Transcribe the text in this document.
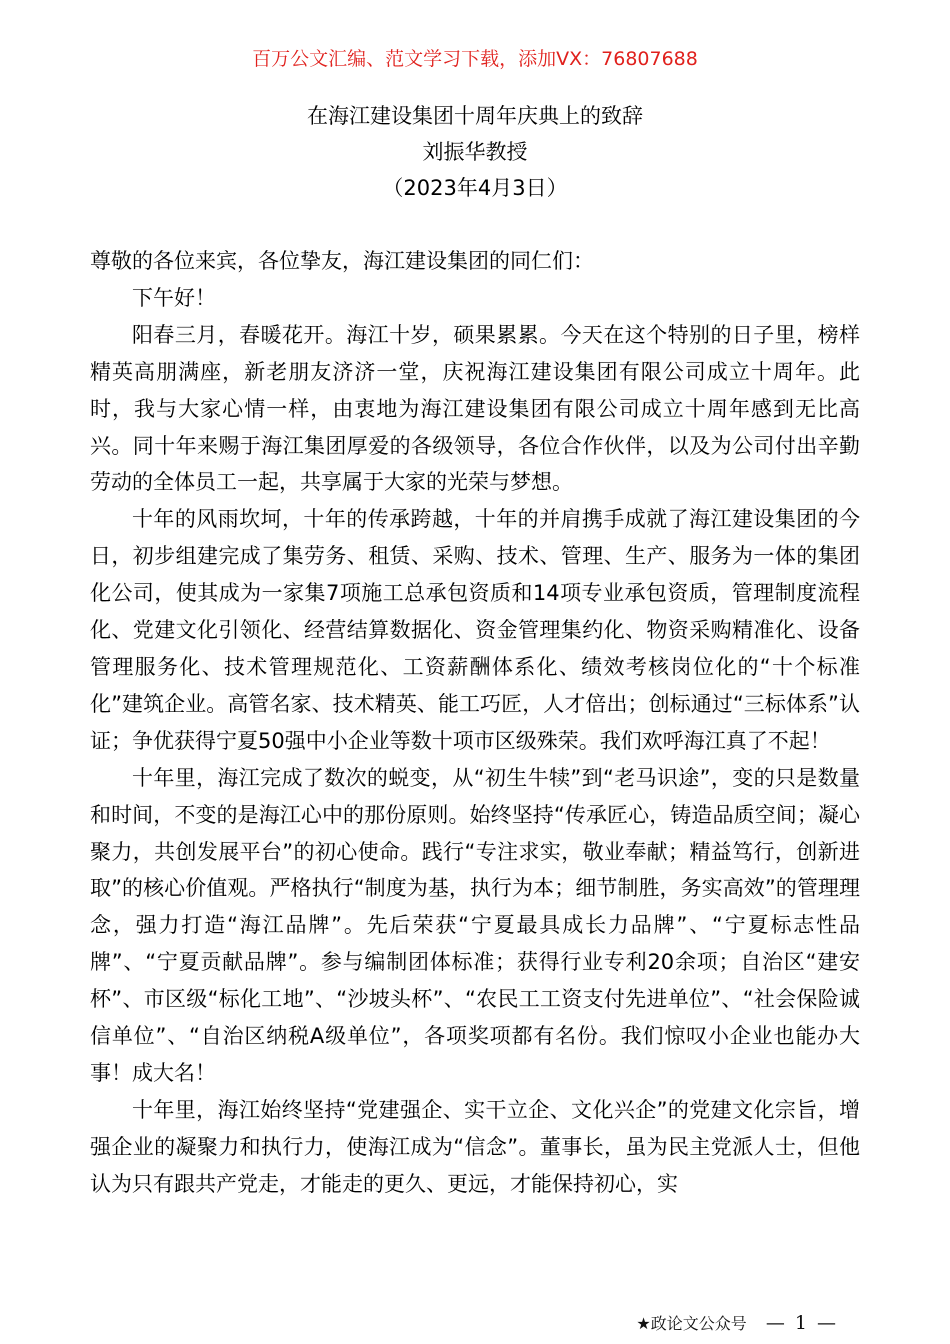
百万公文汇编、范文学习下载，添加VX：76807688
在海江建设集团十周年庆典上的致辞
刘振华教授
（2023年4月3日）

尊敬的各位来宾，各位挚友，海江建设集团的同仁们：

下午好！

阳春三月，春暖花开。海江十岁，硕果累累。今天在这个特别的日子里，榜样精英高朋满座，新老朋友济济一堂，庆祝海江建设集团有限公司成立十周年。此时，我与大家心情一样，由衷地为海江建设集团有限公司成立十周年感到无比高兴。同十年来赐于海江集团厚爱的各级领导，各位合作伙伴，以及为公司付出辛勤劳动的全体员工一起，共享属于大家的光荣与梦想。

十年的风雨坎坷，十年的传承跨越，十年的并肩携手成就了海江建设集团的今日，初步组建完成了集劳务、租赁、采购、技术、管理、生产、服务为一体的集团化公司，使其成为一家集7项施工总承包资质和14项专业承包资质，管理制度流程化、党建文化引领化、经营结算数据化、资金管理集约化、物资采购精准化、设备管理服务化、技术管理规范化、工资薪酬体系化、绩效考核岗位化的“十个标准化”建筑企业。高管名家、技术精英、能工巧匠，人才倍出；创标通过“三标体系”认证；争优获得宁夏50强中小企业等数十项市区级殊荣。我们欢呼海江真了不起！

十年里，海江完成了数次的蜕变，从“初生牛犊”到“老马识途”，变的只是数量和时间，不变的是海江心中的那份原则。始终坚持“传承匠心，铸造品质空间；凝心聚力，共创发展平台”的初心使命。践行“专注求实，敬业奉献；精益笃行，创新进取”的核心价值观。严格执行“制度为基，执行为本；细节制胜，务实高效”的管理理念，强力打造“海江品牌”。先后荣获“宁夏最具成长力品牌”、“宁夏标志性品牌”、“宁夏贡献品牌”。参与编制团体标准；获得行业专利20余项；自治区“建安杯”、市区级“标化工地”、“沙坡头杯”、“农民工工资支付先进单位”、“社会保险诚信单位”、“自治区纳税A级单位”，各项奖项都有名份。我们惊叹小企业也能办大事！成大名！

十年里，海江始终坚持“党建强企、实干立企、文化兴企”的党建文化宗旨，增强企业的凝聚力和执行力，使海江成为“信念”。董事长，虽为民主党派人士，但他认为只有跟共产党走，才能走的更久、更远，才能保持初心，实

★政论文公众号 — 1 —
